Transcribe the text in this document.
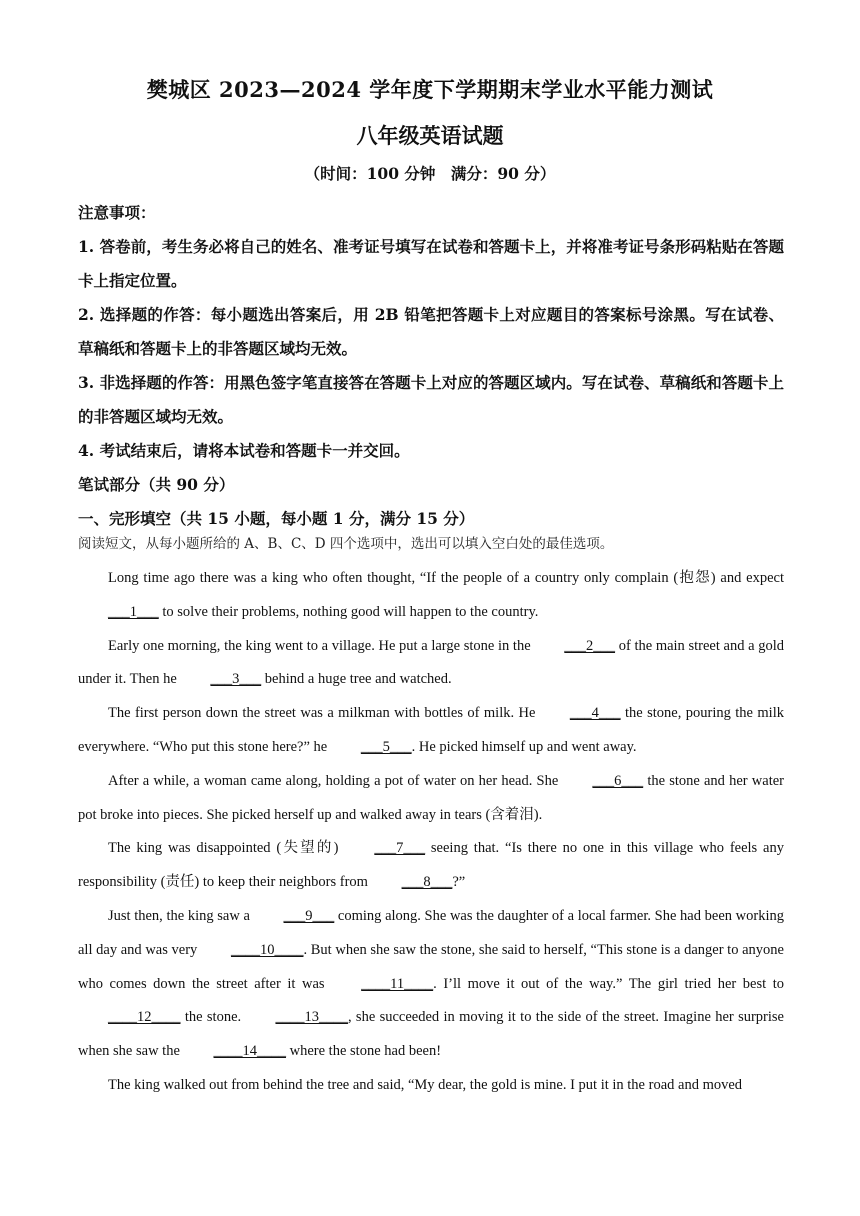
樊城区 2023—2024 学年度下学期期末学业水平能力测试
八年级英语试题
（时间：100 分钟　满分：90 分）
注意事项：
1. 答卷前，考生务必将自己的姓名、准考证号填写在试卷和答题卡上，并将准考证号条形码粘贴在答题卡上指定位置。
2. 选择题的作答：每小题选出答案后，用 2B 铅笔把答题卡上对应题目的答案标号涂黑。写在试卷、草稿纸和答题卡上的非答题区域均无效。
3. 非选择题的作答：用黑色签字笔直接答在答题卡上对应的答题区域内。写在试卷、草稿纸和答题卡上的非答题区域均无效。
4. 考试结束后，请将本试卷和答题卡一并交回。
笔试部分（共 90 分）
一、完形填空（共 15 小题，每小题 1 分，满分 15 分）
阅读短文，从每小题所给的 A、B、C、D 四个选项中，选出可以填入空白处的最佳选项。

Long time ago there was a king who often thought, “If the people of a country only complain (抱怨) and expect ___1___ to solve their problems, nothing good will happen to the country.

Early one morning, the king went to a village. He put a large stone in the ___2___ of the main street and a gold under it. Then he ___3___ behind a huge tree and watched.

The first person down the street was a milkman with bottles of milk. He ___4___ the stone, pouring the milk everywhere. “Who put this stone here?” he ___5___. He picked himself up and went away.

After a while, a woman came along, holding a pot of water on her head. She ___6___ the stone and her water pot broke into pieces. She picked herself up and walked away in tears (含着泪).

The king was disappointed (失望的) ___7___ seeing that. “Is there no one in this village who feels any responsibility (责任) to keep their neighbors from ___8___?”

Just then, the king saw a ___9___ coming along. She was the daughter of a local farmer. She had been working all day and was very ____10____. But when she saw the stone, she said to herself, “This stone is a danger to anyone who comes down the street after it was ____11____. I’ll move it out of the way.” The girl tried her best to ____12____ the stone. ____13____, she succeeded in moving it to the side of the street. Imagine her surprise when she saw the ____14____ where the stone had been!

The king walked out from behind the tree and said, “My dear, the gold is mine. I put it in the road and moved
